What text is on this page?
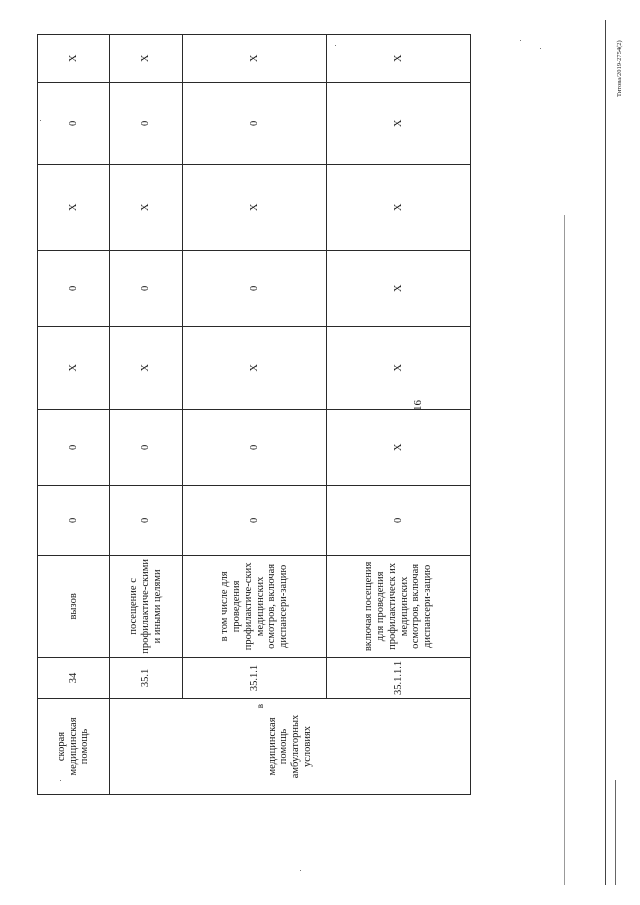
16
скорая медицинская помощь	34	вызов	0	0	X	0	X	0	X

в
медицинская помощь амбулаторных условиях	35.1	посещение с профилактиче-скими и иными целями	0	0	X	0	X	0	X
	35.1.1	в том числе для проведения профилактиче-ских медицинских осмотров, включая диспансери-зацию	0	0	X	0	X	0	X
	35.1.1.1	включая посещения для проведения профилактическ их медицинских осмотров, включая диспансери-зацию	0	X	X	X	X	X	X	Титова/2019-2754(2)
